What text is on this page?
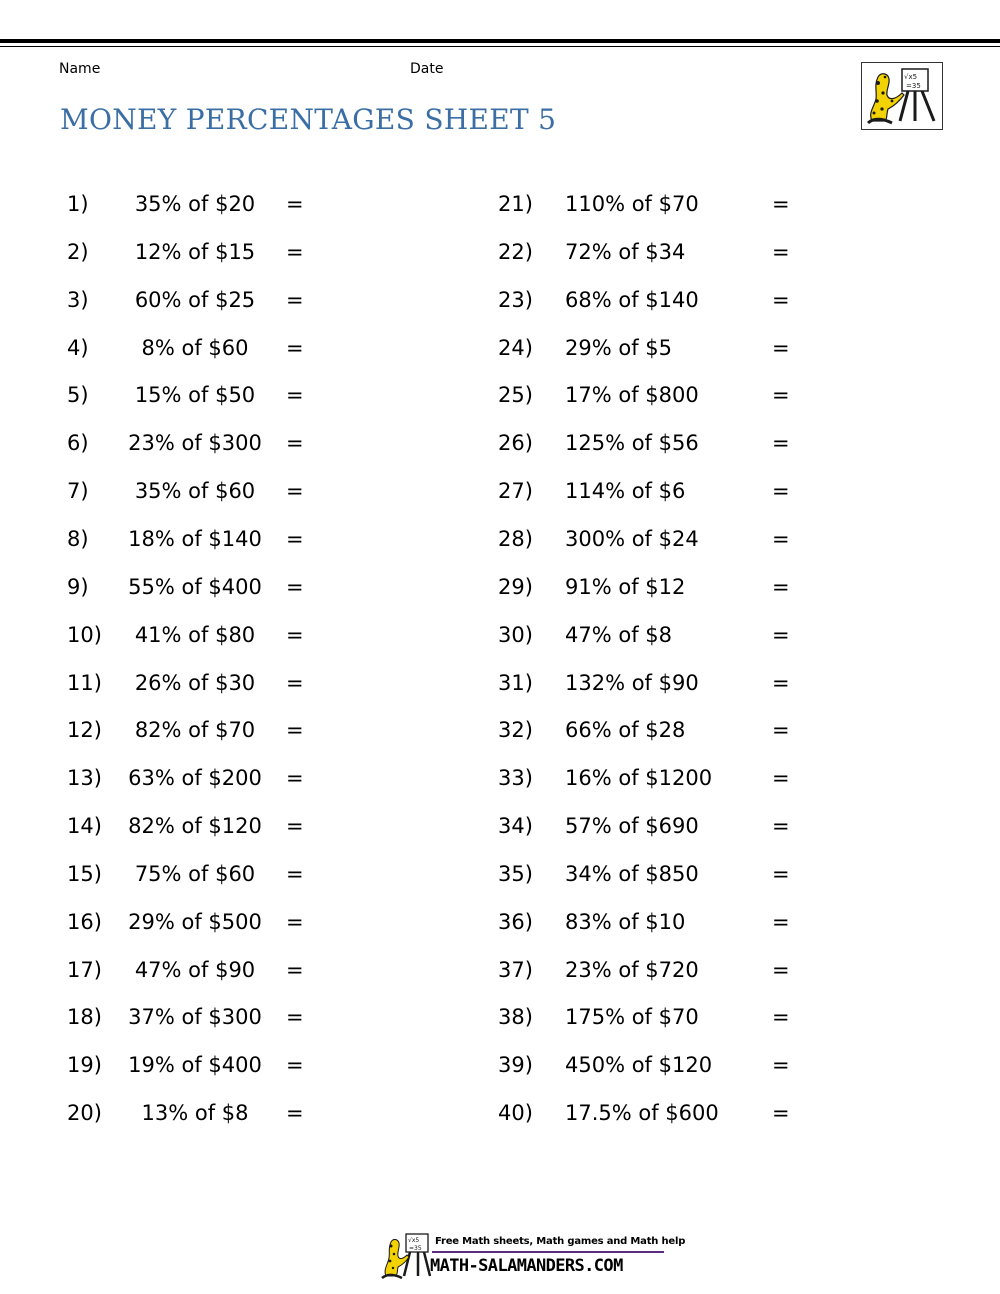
Name	Date
MONEY PERCENTAGES SHEET 5
√x5
=35
1)	35% of $20	=
2)	12% of $15	=
3)	60% of $25	=
4)	8% of $60	=
5)	15% of $50	=
6)	23% of $300	=
7)	35% of $60	=
8)	18% of $140	=
9)	55% of $400	=
10)	41% of $80	=
11)	26% of $30	=
12)	82% of $70	=
13)	63% of $200	=
14)	82% of $120	=
15)	75% of $60	=
16)	29% of $500	=
17)	47% of $90	=
18)	37% of $300	=
19)	19% of $400	=
20)	13% of $8	=
21) 110% of $70	=
22) 72% of $34	=
23) 68% of $140	=
24) 29% of $5	=
25) 17% of $800	=
26) 125% of $56	=
27) 114% of $6	=
28) 300% of $24	=
29) 91% of $12	=
30) 47% of $8	=
31) 132% of $90	=
32) 66% of $28	=
33) 16% of $1200	=
34) 57% of $690	=
35) 34% of $850	=
36) 83% of $10	=
37) 23% of $720	=
38) 175% of $70	=
39) 450% of $120	=
40) 17.5% of $600	=
√x5
=35
Free Math sheets, Math games and Math help
MATH-SALAMANDERS.COM
